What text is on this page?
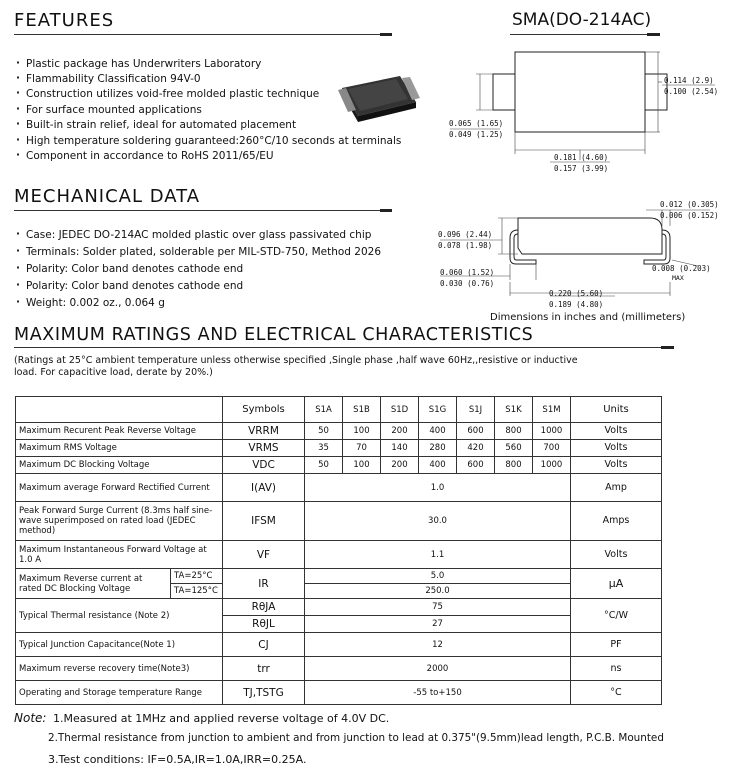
FEATURES	SMA(DO-214AC)
· Plastic package has Underwriters Laboratory
· Flammability Classification 94V-0
· Construction utilizes void-free molded plastic technique
· For surface mounted applications
· Built-in strain relief, ideal for automated placement
· High temperature soldering guaranteed:260°C/10 seconds at terminals
· Component in accordance to RoHS 2011/65/EU
0.114 (2.9)
0.100 (2.54)
0.065 (1.65)
0.049 (1.25)
0.181 (4.60)
0.157 (3.99)
MECHANICAL DATA
· Case: JEDEC DO-214AC molded plastic over glass passivated chip
· Terminals: Solder plated, solderable per MIL-STD-750, Method 2026
· Polarity: Color band denotes cathode end
· Polarity: Color band denotes cathode end
· Weight: 0.002 oz., 0.064 g
0.012 (0.305)
0.006 (0.152)
0.096 (2.44)
0.078 (1.98)
0.060 (1.52)
0.030 (0.76)
0.008 (0.203)
MAX
0.220 (5.60)
0.189 (4.80)
Dimensions in inches and (millimeters)
MAXIMUM RATINGS AND ELECTRICAL CHARACTERISTICS
(Ratings at 25°C ambient temperature unless otherwise specified ,Single phase ,half wave 60Hz,,resistive or inductive
load. For capacitive load, derate by 20%.)
		Symbols	S1A	S1B	S1D	S1G	S1J	S1K	S1M	Units
Maximum Recurent Peak Reverse Voltage		VRRM	50	100	200	400	600	800	1000	Volts
Maximum RMS Voltage		VRMS	35	70	140	280	420	560	700	Volts
Maximum DC Blocking Voltage		VDC	50	100	200	400	600	800	1000	Volts
Maximum average Forward Rectified Current		I(AV)	1.0							Amp
Peak Forward Surge Current (8.3ms half sine-wave superimposed on rated load (JEDEC method)		IFSM	30.0							Amps
Maximum Instantaneous Forward Voltage at 1.0 A		VF	1.1							Volts
Maximum Reverse current at rated DC Blocking Voltage	TA=25°C	IR	5.0							µA
	TA=125°C		250.0							
Typical Thermal resistance (Note 2)		RθJA	75							°C/W
		RθJL	27							
Typical Junction Capacitance(Note 1)		CJ	12							PF
Maximum reverse recovery time(Note3)		trr	2000							ns
Operating and Storage temperature Range		TJ,TSTG	-55 to+150							°C
Note: 1.Measured at 1MHz and applied reverse voltage of 4.0V DC.
2.Thermal resistance from junction to ambient and from junction to lead at 0.375"(9.5mm)lead length, P.C.B. Mounted
3.Test conditions: IF=0.5A,IR=1.0A,IRR=0.25A.
